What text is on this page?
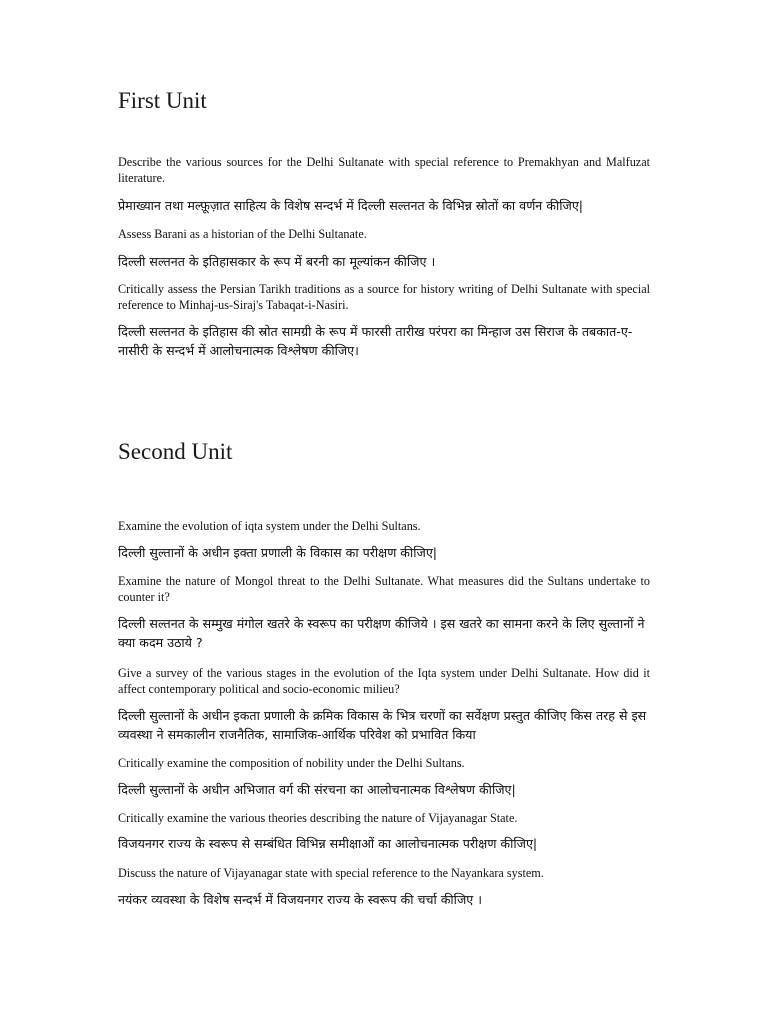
First Unit

Describe the various sources for the Delhi Sultanate with special reference to Premakhyan and Malfuzat literature.

प्रेमाख्यान तथा मल्फ़ूज़ात साहित्य के विशेष सन्दर्भ में दिल्ली सल्तनत के विभिन्न स्रोतों का वर्णन कीजिए|

Assess Barani as a historian of the Delhi Sultanate.

दिल्ली सल्तनत के इतिहासकार के रूप में बरनी का मूल्यांकन कीजिए ।

Critically assess the Persian Tarikh traditions as a source for history writing of Delhi Sultanate with special reference to Minhaj-us-Siraj's Tabaqat-i-Nasiri.

दिल्ली सल्तनत के इतिहास की स्रोत सामग्री के रूप में फारसी तारीख परंपरा का मिन्हाज उस सिराज के तबकात-ए-नासीरी के सन्दर्भ में आलोचनात्मक विश्लेषण कीजिए।

Second Unit

Examine the evolution of iqta system under the Delhi Sultans.

दिल्ली सुल्तानों के अधीन इक्ता प्रणाली के विकास का परीक्षण कीजिए|

Examine the nature of Mongol threat to the Delhi Sultanate. What measures did the Sultans undertake to counter it?

दिल्ली सल्तनत के सम्मुख मंगोल खतरे के स्वरूप का परीक्षण कीजिये । इस खतरे का सामना करने के लिए सुल्तानों ने क्या कदम उठाये ?

Give a survey of the various stages in the evolution of the Iqta system under Delhi Sultanate. How did it affect contemporary political and socio-economic milieu?

दिल्ली सुल्तानों के अधीन इकता प्रणाली के क्रमिक विकास के भित्र चरणों का सर्वेक्षण प्रस्तुत कीजिए किस तरह से इस व्यवस्था ने समकालीन राजनैतिक, सामाजिक-आर्थिक परिवेश को प्रभावित किया

Critically examine the composition of nobility under the Delhi Sultans.

दिल्ली सुल्तानों के अधीन अभिजात वर्ग की संरचना का आलोचनात्मक विश्लेषण कीजिए|

Critically examine the various theories describing the nature of Vijayanagar State.

विजयनगर राज्य के स्वरूप से सम्बंधित विभिन्न समीक्षाओं का आलोचनात्मक परीक्षण कीजिए|

Discuss the nature of Vijayanagar state with special reference to the Nayankara system.

नयंकर व्यवस्था के विशेष सन्दर्भ में विजयनगर राज्य के स्वरूप की चर्चा कीजिए ।
